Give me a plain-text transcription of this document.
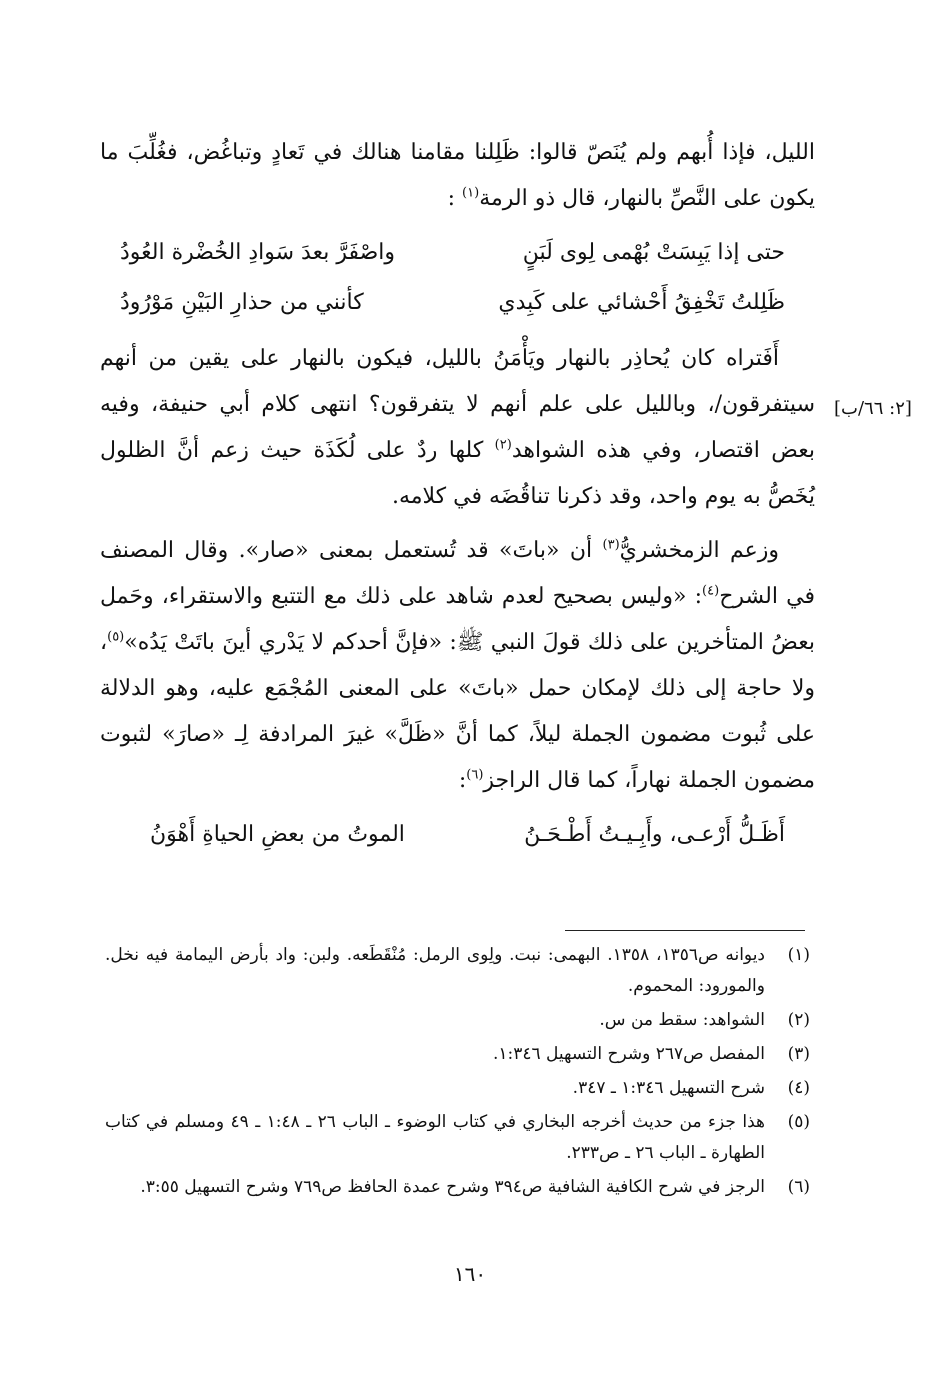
[٢: ٦٦/ب]

الليل، فإذا أُبهم ولم يُنَصّ قالوا: ظَلِلنا مقامنا هنالك في تَعادٍ وتباغُض، فغُلِّبَ ما يكون على النَّصِّ بالنهار، قال ذو الرمة$^{(١)}$ :

حتى إذا يَبِسَتْ بُهْمى لِوى لَبَنٍ
واصْفَرَّ بعدَ سَوادِ الخُضْرة العُودُ
ظَلِلتُ تَخْفِقُ أَحْشائي على كَبِدي
كأنني من حذارِ البَيْنِ مَوْرُودُ

أَفَتراه كان يُحاذِر بالنهار ويَأْمَنُ بالليل، فيكون بالنهار على يقين من أنهم سيتفرقون/، وبالليل على علم أنهم لا يتفرقون؟ انتهى كلام أبي حنيفة، وفيه بعض اقتصار، وفي هذه الشواهد$^{(٢)}$ كلها ردٌ على لُكَذَة حيث زعم أنَّ الظلول يُخَصُّ به يوم واحد، وقد ذكرنا تناقُضَه في كلامه.

وزعم الزمخشريُّ$^{(٣)}$ أن «باتَ» قد تُستعمل بمعنى «صار». وقال المصنف في الشرح$^{(٤)}$: «وليس بصحيح لعدم شاهد على ذلك مع التتبع والاستقراء، وحَمل بعضُ المتأخرين على ذلك قولَ النبي ﷺ: «فإنَّ أحدكم لا يَدْري أينَ باتَتْ يَدُه»$^{(٥)}$، ولا حاجة إلى ذلك لإمكان حمل «باتَ» على المعنى المُجْمَع عليه، وهو الدلالة على ثُبوت مضمون الجملة ليلاً، كما أنَّ «ظَلَّ» غيرَ المرادفة لِـ «صارَ» لثبوت مضمون الجملة نهاراً، كما قال الراجز$^{(٦)}$:

أَظَـلُّ أَرْعـى، وأَبِـيـتُ أَطْـحَـنُ
الموتُ من بعضِ الحياةِ أَهْوَنُ
(١)
ديوانه ص١٣٥٦، ١٣٥٨. البهمى: نبت. ولِوى الرمل: مُنْقَطَعه. ولبن: واد بأرض اليمامة فيه نخل. والمورود: المحموم.
(٢)
الشواهد: سقط من س.
(٣)
المفصل ص٢٦٧ وشرح التسهيل ١:٣٤٦.
(٤)
شرح التسهيل ١:٣٤٦ ـ ٣٤٧.
(٥)
هذا جزء من حديث أخرجه البخاري في كتاب الوضوء ـ الباب ٢٦ ـ ١:٤٨ ـ ٤٩ ومسلم في كتاب الطهارة ـ الباب ٢٦ ـ ص٢٣٣.
(٦)
الرجز في شرح الكافية الشافية ص٣٩٤ وشرح عمدة الحافظ ص٧٦٩ وشرح التسهيل ٣:٥٥.
١٦٠
